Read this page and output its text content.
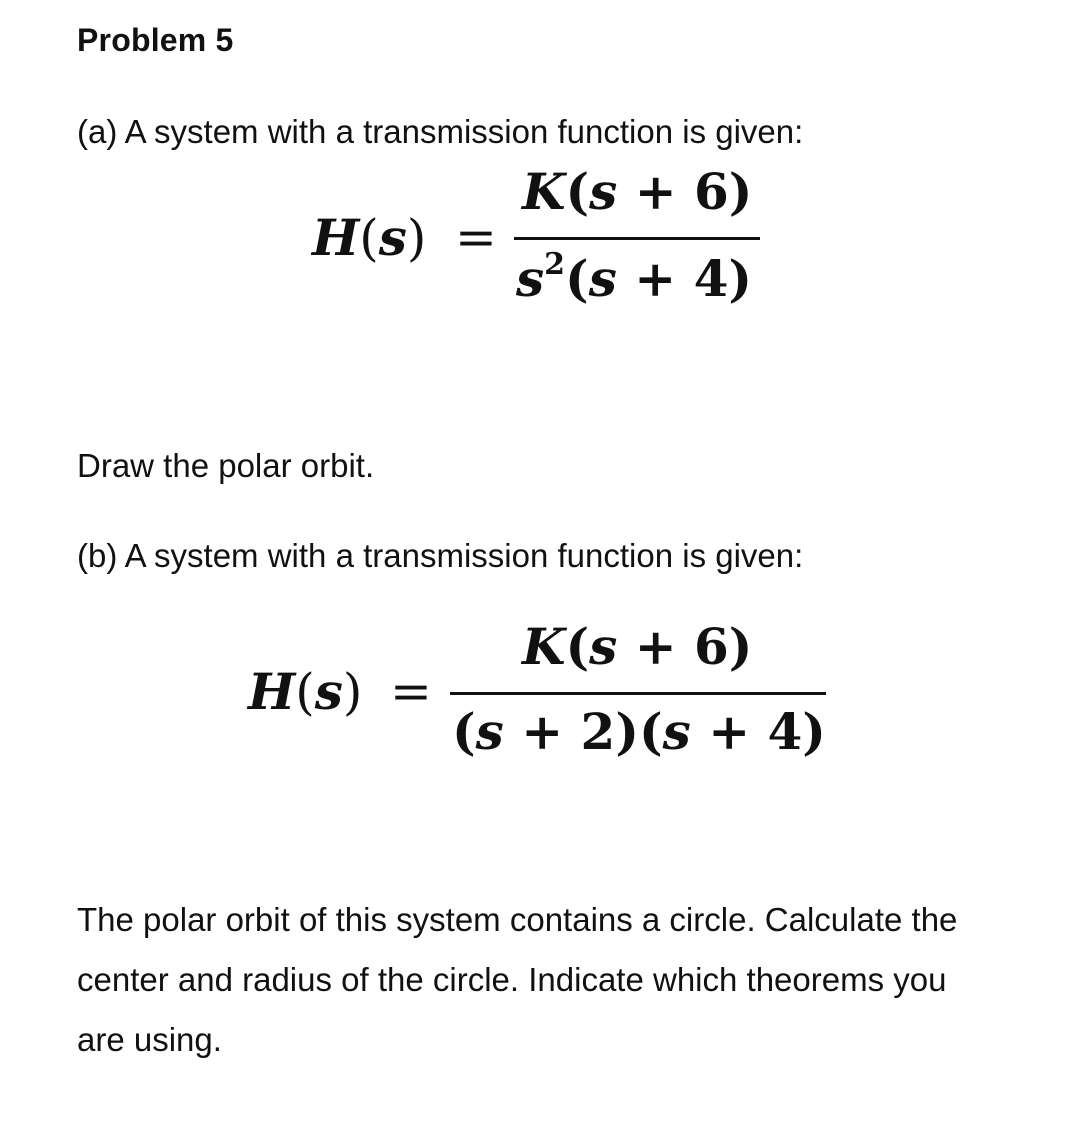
Problem 5
(a) A system with a transmission function is given:
H(s) =
K(s + 6)
$s^2(s + 4)$
Draw the polar orbit.
(b) A system with a transmission function is given:
H(s) =
K(s + 6)
(s + 2)(s + 4)
The polar orbit of this system contains a circle. Calculate the center and radius of the circle. Indicate which theorems you are using.
